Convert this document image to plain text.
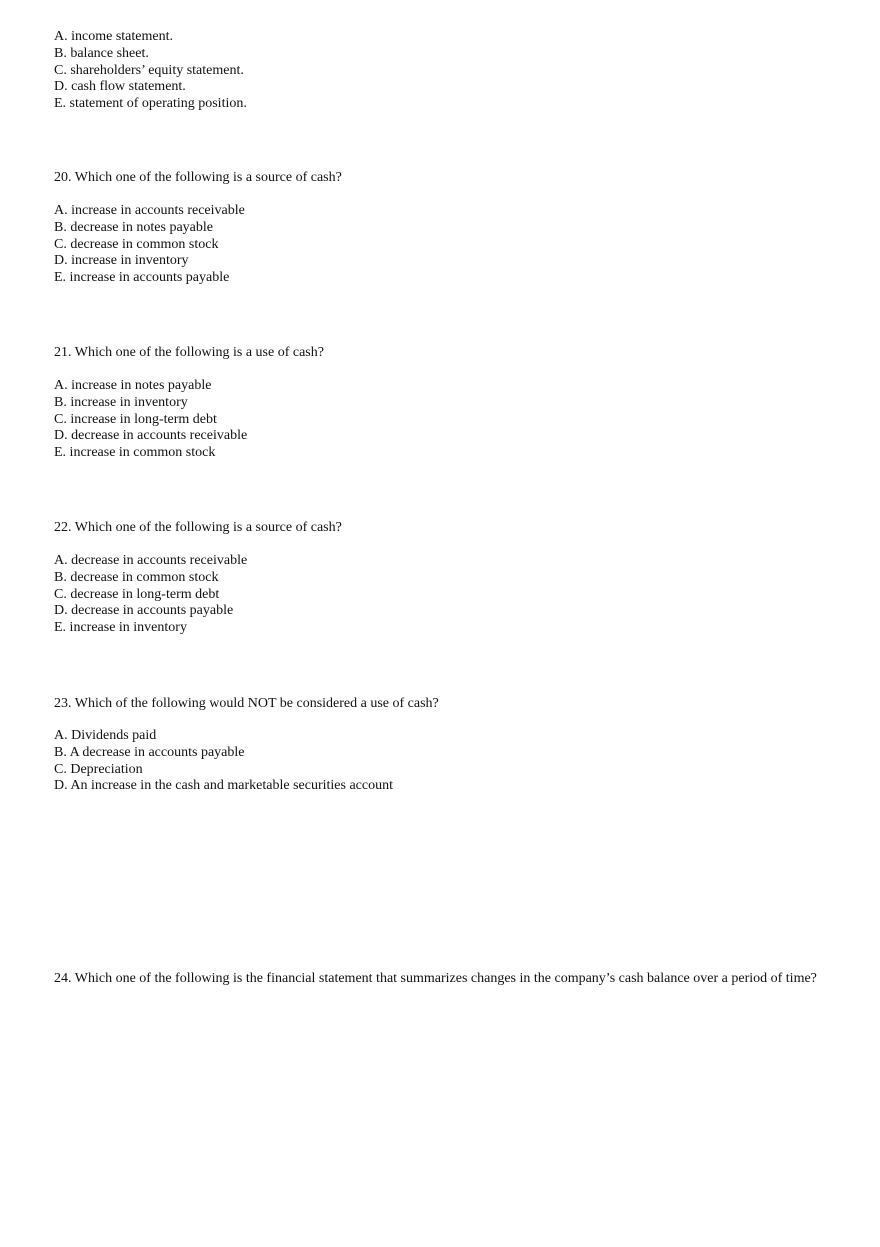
A. income statement.
B. balance sheet.
C. shareholders’ equity statement.
D. cash flow statement.
E. statement of operating position.
20. Which one of the following is a source of cash?
A. increase in accounts receivable
B. decrease in notes payable
C. decrease in common stock
D. increase in inventory
E. increase in accounts payable
21. Which one of the following is a use of cash?
A. increase in notes payable
B. increase in inventory
C. increase in long-term debt
D. decrease in accounts receivable
E. increase in common stock
22. Which one of the following is a source of cash?
A. decrease in accounts receivable
B. decrease in common stock
C. decrease in long-term debt
D. decrease in accounts payable
E. increase in inventory
23. Which of the following would NOT be considered a use of cash?
A. Dividends paid
B. A decrease in accounts payable
C. Depreciation
D. An increase in the cash and marketable securities account
24. Which one of the following is the financial statement that summarizes changes in the company’s cash balance over a period of time?
